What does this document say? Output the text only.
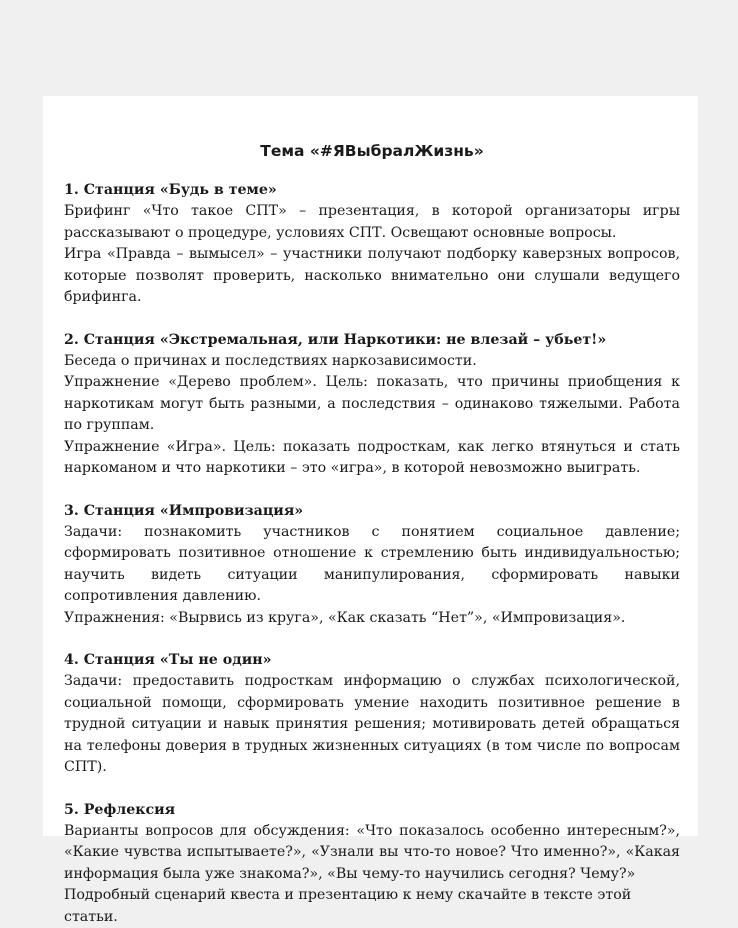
Тема «#ЯВыбралЖизнь»
1. Станция «Будь в теме»
Брифинг «Что такое СПТ» – презентация, в которой организаторы игры рассказывают о процедуре, условиях СПТ. Освещают основные вопросы.
Игра «Правда – вымысел» – участники получают подборку каверзных вопросов, которые позволят проверить, насколько внимательно они слушали ведущего брифинга.
2. Станция «Экстремальная, или Наркотики: не влезай – убьет!»
Беседа о причинах и последствиях наркозависимости.
Упражнение «Дерево проблем». Цель: показать, что причины приобщения к наркотикам могут быть разными, а последствия – одинаково тяжелыми. Работа по группам.
Упражнение «Игра». Цель: показать подросткам, как легко втянуться и стать наркоманом и что наркотики – это «игра», в которой невозможно выиграть.
3. Станция «Импровизация»
Задачи: познакомить участников с понятием социальное давление; сформировать позитивное отношение к стремлению быть индивидуальностью; научить видеть ситуации манипулирования, сформировать навыки сопротивления давлению.
Упражнения: «Вырвись из круга», «Как сказать “Нет”», «Импровизация».
4. Станция «Ты не один»
Задачи: предоставить подросткам информацию о службах психологической, социальной помощи, сформировать умение находить позитивное решение в трудной ситуации и навык принятия решения; мотивировать детей обращаться на телефоны доверия в трудных жизненных ситуациях (в том числе по вопросам СПТ).
5. Рефлексия
Варианты вопросов для обсуждения: «Что показалось особенно интересным?», «Какие чувства испытываете?», «Узнали вы что-то новое? Что именно?», «Какая информация была уже знакома?», «Вы чему-то научились сегодня? Чему?»
Подробный сценарий квеста и презентацию к нему скачайте в тексте этой статьи.
